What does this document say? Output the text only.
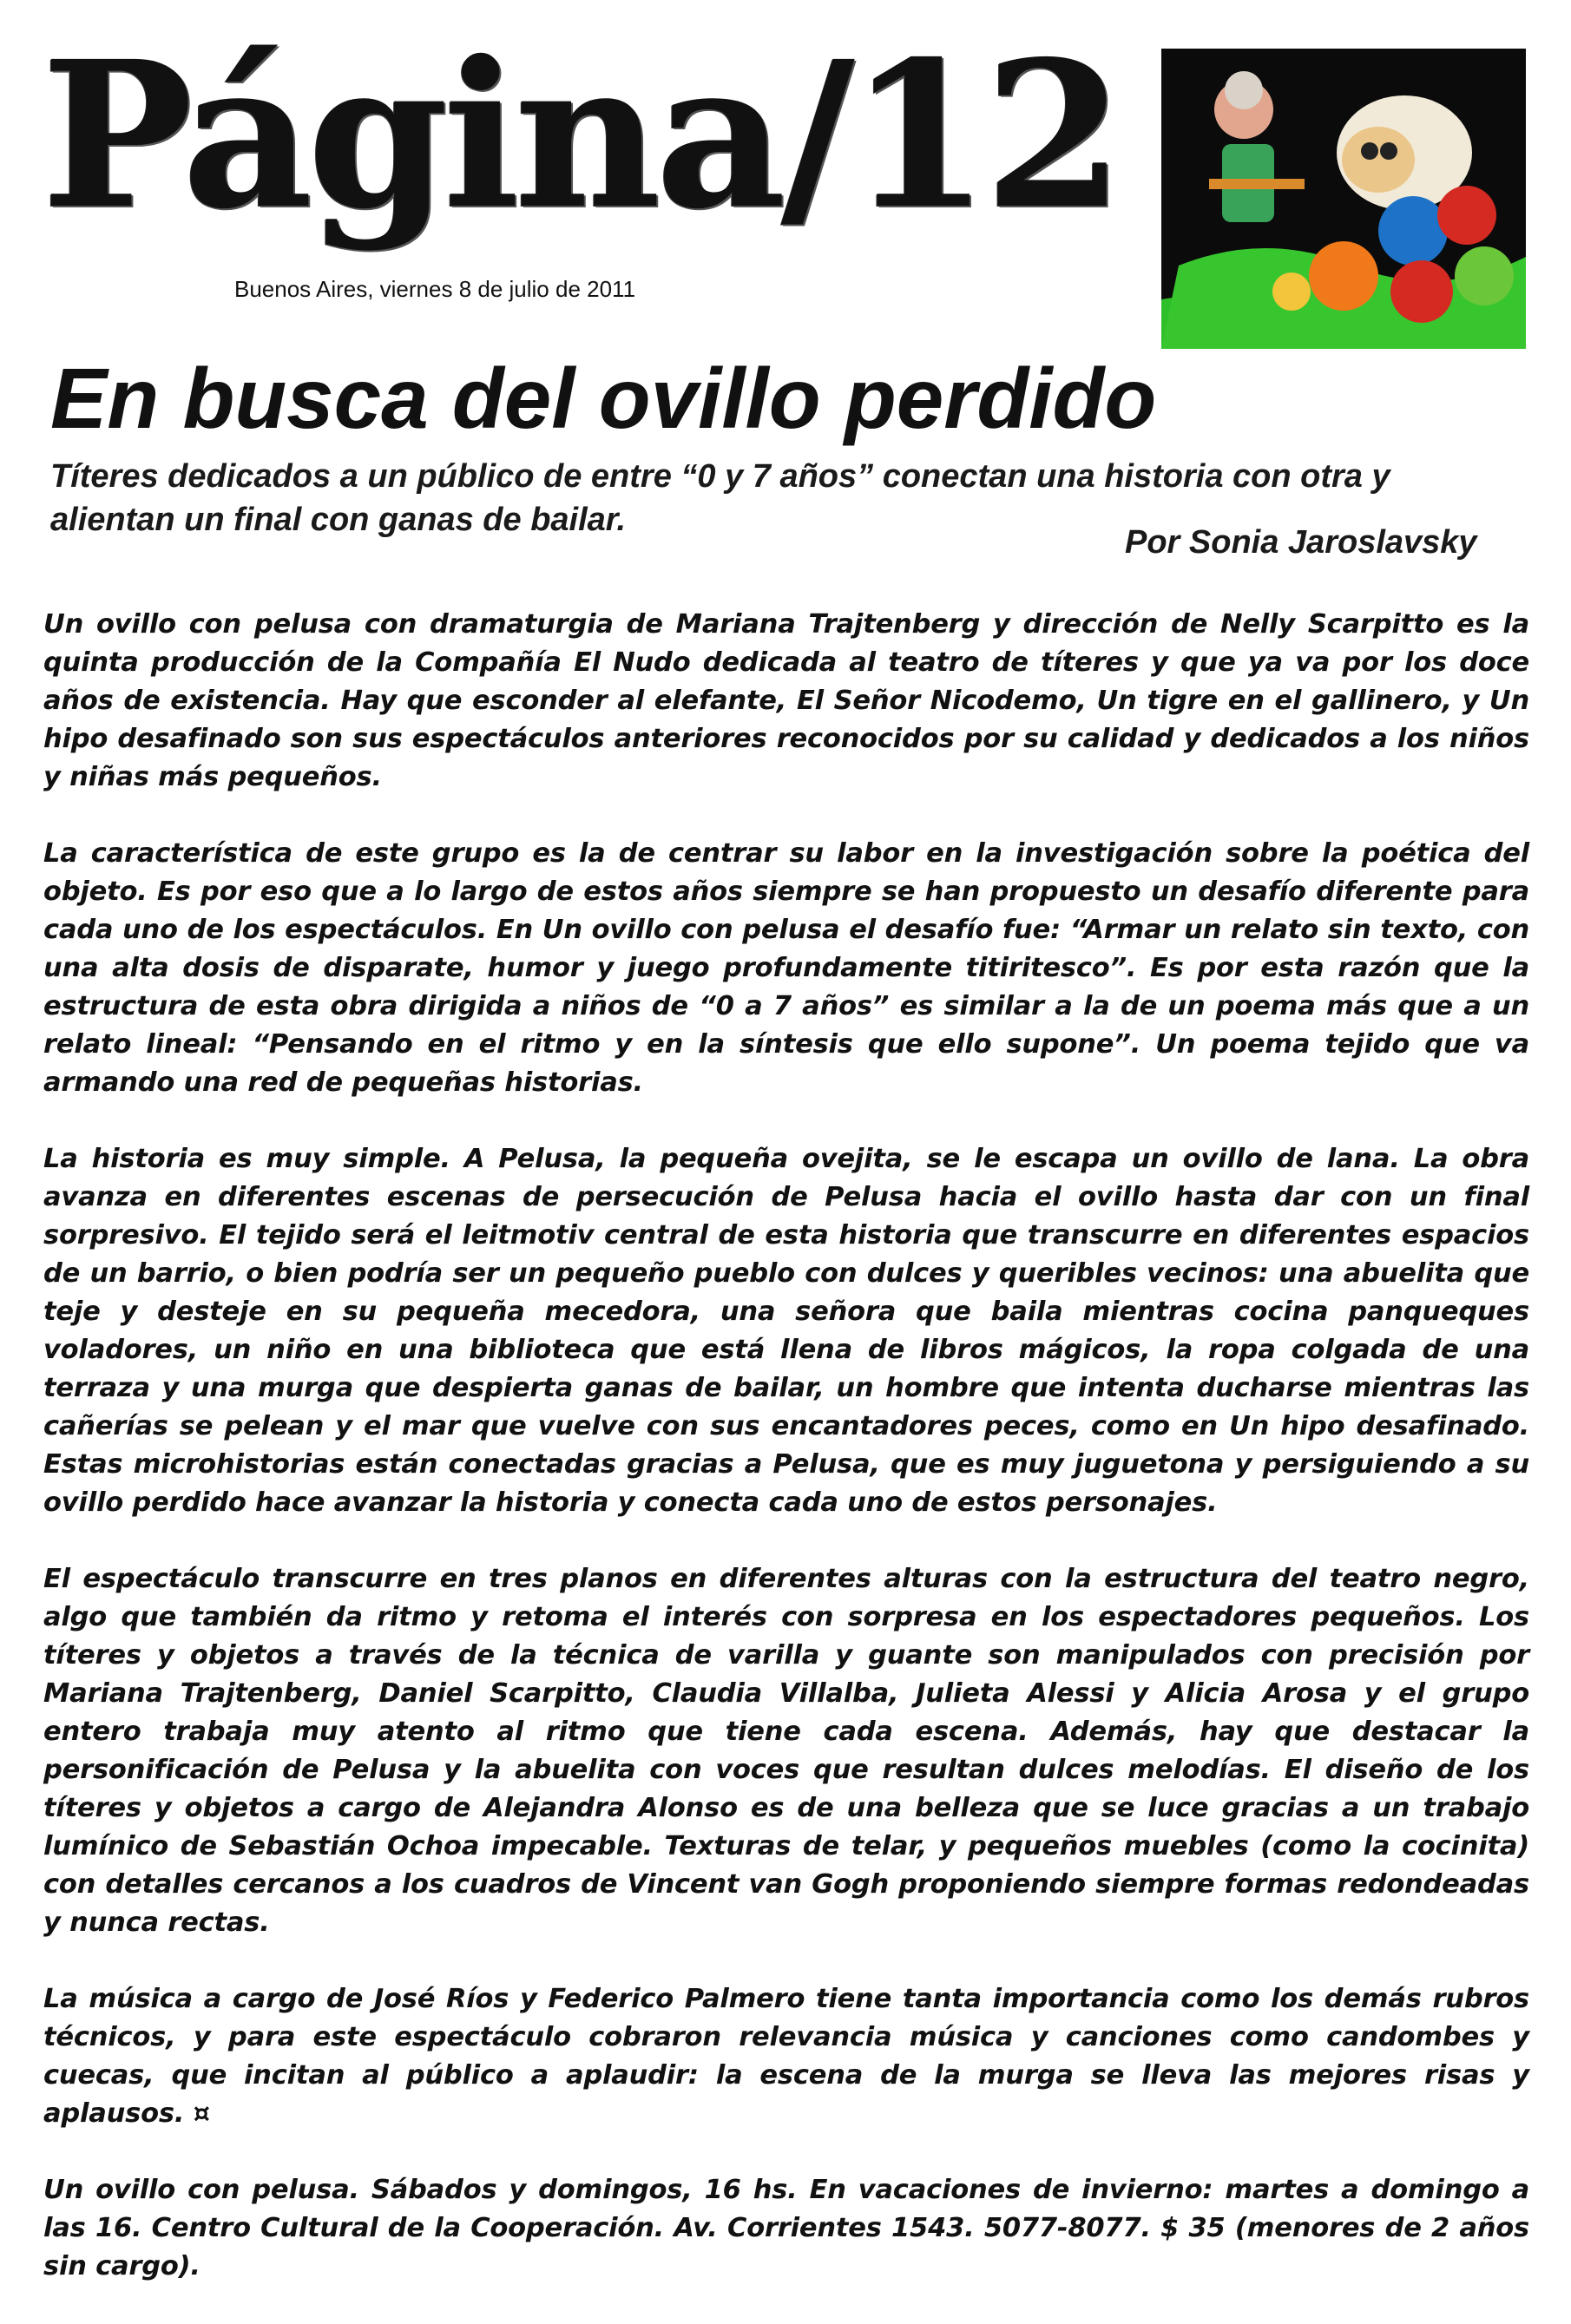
Página/12
Buenos Aires, viernes 8 de julio de 2011
En busca del ovillo perdido
Títeres dedicados a un público de entre “0 y 7 años” conectan una historia con otra y alientan un final con ganas de bailar.
Por Sonia Jaroslavsky

Un ovillo con pelusa con dramaturgia de Mariana Trajtenberg y dirección de Nelly Scarpitto es la quinta producción de la Compañía El Nudo dedicada al teatro de títeres y que ya va por los doce años de existencia. Hay que esconder al elefante, El Señor Nicodemo, Un tigre en el gallinero, y Un hipo desafinado son sus espectáculos anteriores reconocidos por su calidad y dedicados a los niños y niñas más pequeños.

La característica de este grupo es la de centrar su labor en la investigación sobre la poética del objeto. Es por eso que a lo largo de estos años siempre se han propuesto un desafío diferente para cada uno de los espectáculos. En Un ovillo con pelusa el desafío fue: “Armar un relato sin texto, con una alta dosis de disparate, humor y juego profundamente titiritesco”. Es por esta razón que la estructura de esta obra dirigida a niños de “0 a 7 años” es similar a la de un poema más que a un relato lineal: “Pensando en el ritmo y en la síntesis que ello supone”. Un poema tejido que va armando una red de pequeñas historias.

La historia es muy simple. A Pelusa, la pequeña ovejita, se le escapa un ovillo de lana. La obra avanza en diferentes escenas de persecución de Pelusa hacia el ovillo hasta dar con un final sorpresivo. El tejido será el leitmotiv central de esta historia que transcurre en diferentes espacios de un barrio, o bien podría ser un pequeño pueblo con dulces y queribles vecinos: una abuelita que teje y desteje en su pequeña mecedora, una señora que baila mientras cocina panqueques voladores, un niño en una biblioteca que está llena de libros mágicos, la ropa colgada de una terraza y una murga que despierta ganas de bailar, un hombre que intenta ducharse mientras las cañerías se pelean y el mar que vuelve con sus encantadores peces, como en Un hipo desafinado. Estas microhistorias están conectadas gracias a Pelusa, que es muy juguetona y persiguiendo a su ovillo perdido hace avanzar la historia y conecta cada uno de estos personajes.

El espectáculo transcurre en tres planos en diferentes alturas con la estructura del teatro negro, algo que también da ritmo y retoma el interés con sorpresa en los espectadores pequeños. Los títeres y objetos a través de la técnica de varilla y guante son manipulados con precisión por Mariana Trajtenberg, Daniel Scarpitto, Claudia Villalba, Julieta Alessi y Alicia Arosa y el grupo entero trabaja muy atento al ritmo que tiene cada escena. Además, hay que destacar la personificación de Pelusa y la abuelita con voces que resultan dulces melodías. El diseño de los títeres y objetos a cargo de Alejandra Alonso es de una belleza que se luce gracias a un trabajo lumínico de Sebastián Ochoa impecable. Texturas de telar, y pequeños muebles (como la cocinita) con detalles cercanos a los cuadros de Vincent van Gogh proponiendo siempre formas redondeadas y nunca rectas.

La música a cargo de José Ríos y Federico Palmero tiene tanta importancia como los demás rubros técnicos, y para este espectáculo cobraron relevancia música y canciones como candombes y cuecas, que incitan al público a aplaudir: la escena de la murga se lleva las mejores risas y aplausos. ¤

Un ovillo con pelusa. Sábados y domingos, 16 hs. En vacaciones de invierno: martes a domingo a las 16. Centro Cultural de la Cooperación. Av. Corrientes 1543. 5077-8077. $ 35 (menores de 2 años sin cargo).
